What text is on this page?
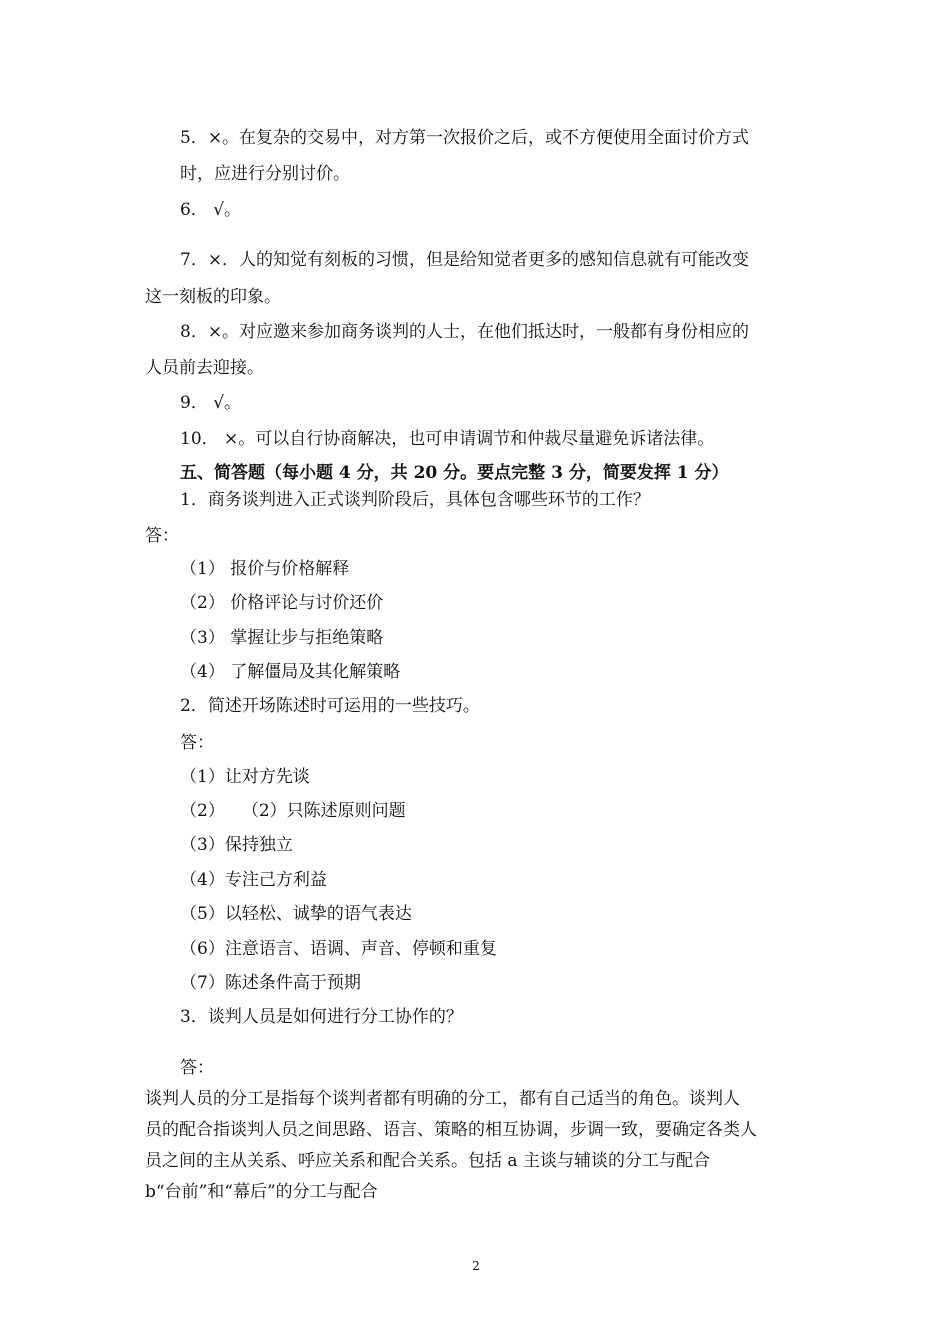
5．×。在复杂的交易中，对方第一次报价之后，或不方便使用全面讨价方式
时，应进行分别讨价。
6． √。
7．×．人的知觉有刻板的习惯，但是给知觉者更多的感知信息就有可能改变
这一刻板的印象。
8．×。对应邀来参加商务谈判的人士，在他们抵达时，一般都有身份相应的
人员前去迎接。
9． √。
10． ×。可以自行协商解决，也可申请调节和仲裁尽量避免诉诸法律。
五、简答题（每小题 4 分，共 20 分。要点完整 3 分，简要发挥 1 分）
1．商务谈判进入正式谈判阶段后，具体包含哪些环节的工作？
答：
（1） 报价与价格解释
（2） 价格评论与讨价还价
（3） 掌握让步与拒绝策略
（4） 了解僵局及其化解策略
2．简述开场陈述时可运用的一些技巧。
答：
（1）让对方先谈
（2）　　（2）只陈述原则问题
（3）保持独立
（4）专注己方利益
（5）以轻松、诚挚的语气表达
（6）注意语言、语调、声音、停顿和重复
（7）陈述条件高于预期
3．谈判人员是如何进行分工协作的？
答：
谈判人员的分工是指每个谈判者都有明确的分工，都有自己适当的角色。谈判人
员的配合指谈判人员之间思路、语言、策略的相互协调，步调一致，要确定各类人
员之间的主从关系、呼应关系和配合关系。包括 a 主谈与辅谈的分工与配合
b“台前”和“幕后”的分工与配合
2
